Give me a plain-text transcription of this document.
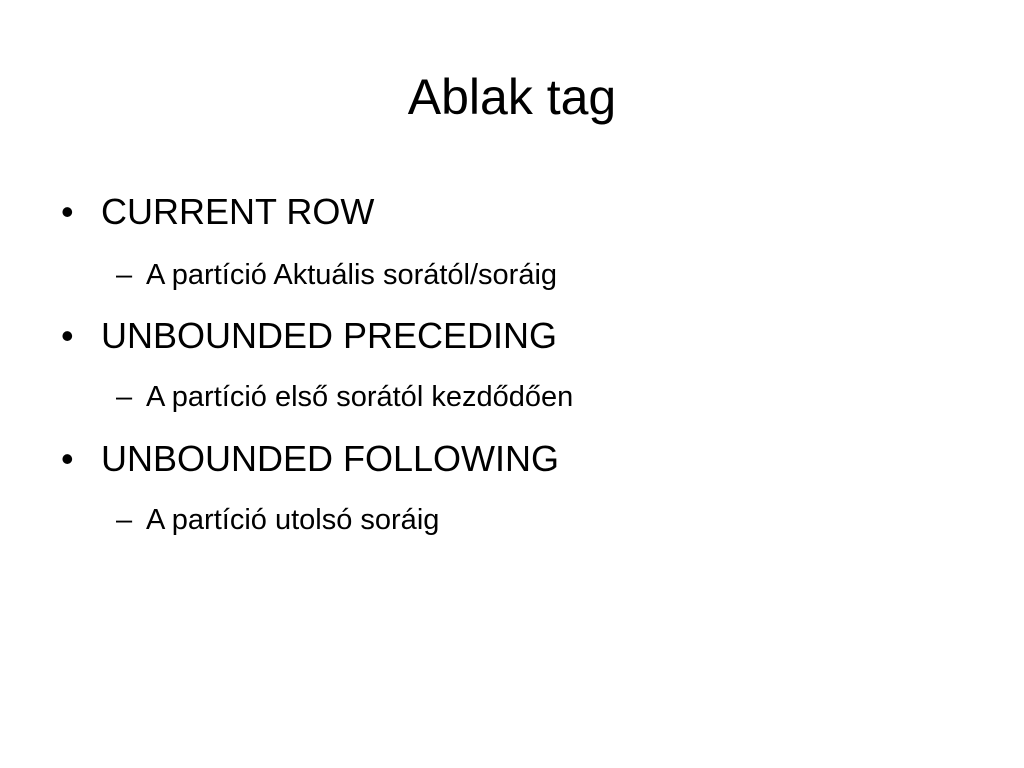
Ablak tag
• CURRENT ROW
– A partíció Aktuális sorától/soráig
• UNBOUNDED PRECEDING
– A partíció első sorától kezdődően
• UNBOUNDED FOLLOWING
– A partíció utolsó soráig
